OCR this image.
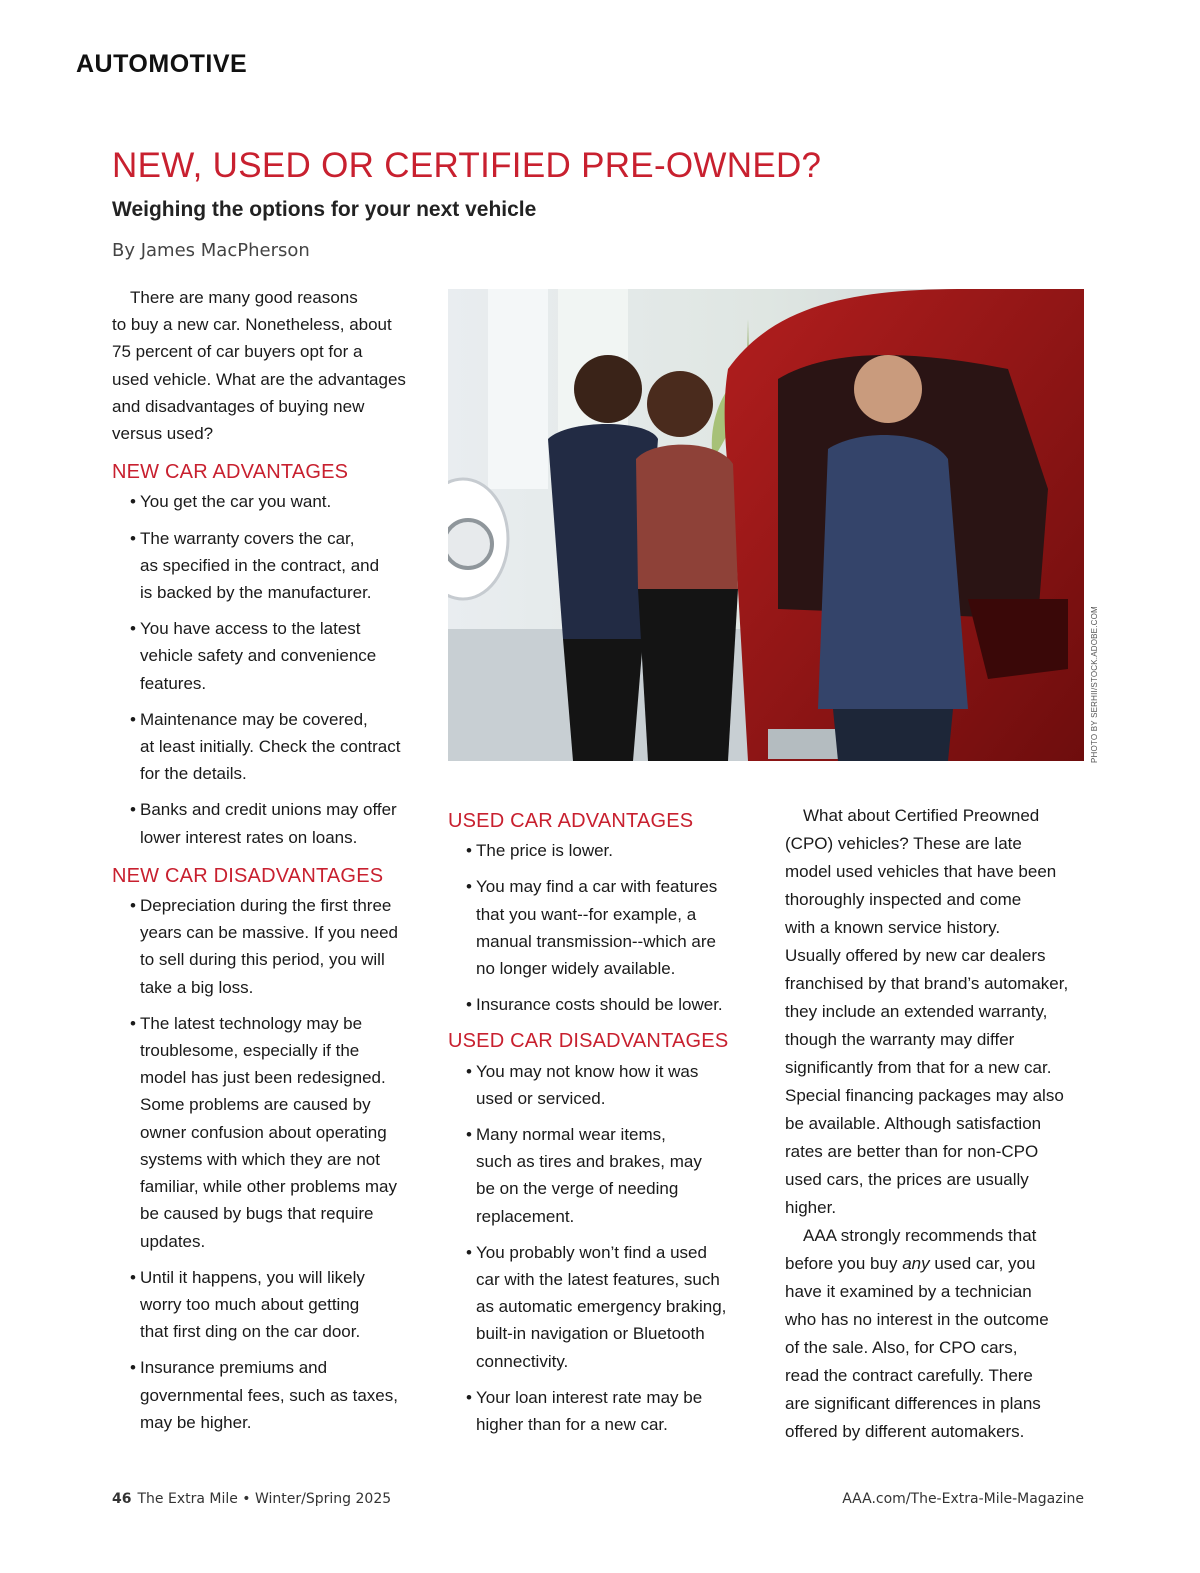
AUTOMOTIVE
NEW, USED OR CERTIFIED PRE-OWNED?
Weighing the options for your next vehicle
By James MacPherson

There are many good reasons

to buy a new car. Nonetheless, about

75 percent of car buyers opt for a

used vehicle. What are the advantages

and disadvantages of buying new

versus used?

NEW CAR ADVANTAGES
• You get the car you want.
• The warranty covers the car,
as specified in the contract, and
is backed by the manufacturer.
• You have access to the latest
vehicle safety and convenience
features.
• Maintenance may be covered,
at least initially. Check the contract
for the details.
• Banks and credit unions may offer
lower interest rates on loans.
NEW CAR DISADVANTAGES
• Depreciation during the first three
years can be massive. If you need
to sell during this period, you will
take a big loss.
• The latest technology may be
troublesome, especially if the
model has just been redesigned.
Some problems are caused by
owner confusion about operating
systems with which they are not
familiar, while other problems may
be caused by bugs that require
updates.
• Until it happens, you will likely
worry too much about getting
that first ding on the car door.
• Insurance premiums and
governmental fees, such as taxes,
may be higher.
PHOTO BY SERHII/STOCK.ADOBE.COM
USED CAR ADVANTAGES
• The price is lower.
• You may find a car with features
that you want--for example, a
manual transmission--which are
no longer widely available.
• Insurance costs should be lower.
USED CAR DISADVANTAGES
• You may not know how it was
used or serviced.
• Many normal wear items,
such as tires and brakes, may
be on the verge of needing
replacement.
• You probably won’t find a used
car with the latest features, such
as automatic emergency braking,
built-in navigation or Bluetooth
connectivity.
• Your loan interest rate may be
higher than for a new car.

What about Certified Preowned

(CPO) vehicles? These are late

model used vehicles that have been

thoroughly inspected and come

with a known service history.

Usually offered by new car dealers

franchised by that brand’s automaker,

they include an extended warranty,

though the warranty may differ

significantly from that for a new car.

Special financing packages may also

be available. Although satisfaction

rates are better than for non-CPO

used cars, the prices are usually

higher.

AAA strongly recommends that

before you buy any used car, you

have it examined by a technician

who has no interest in the outcome

of the sale. Also, for CPO cars,

read the contract carefully. There

are significant differences in plans

offered by different automakers.

46 The Extra Mile • Winter/Spring 2025	AAA.com/The-Extra-Mile-Magazine
